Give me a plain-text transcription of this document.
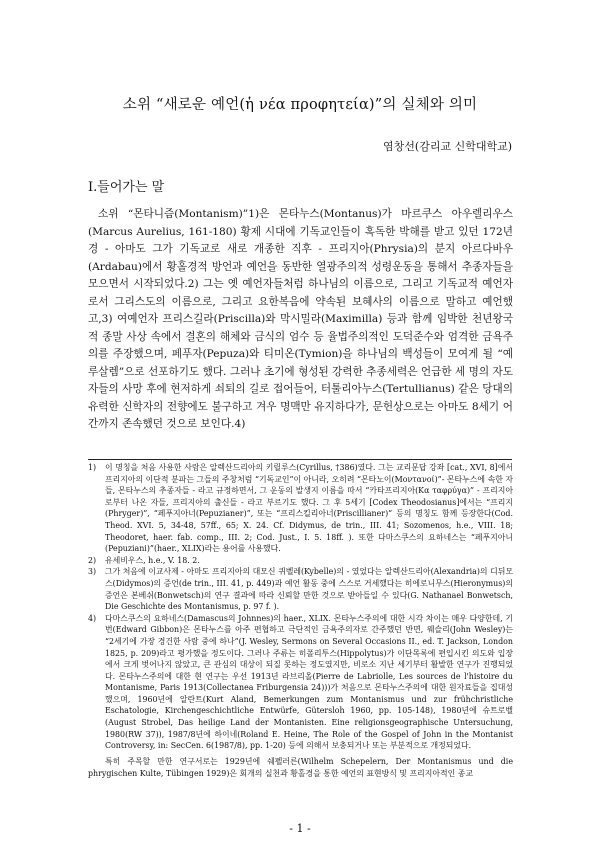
소위 “새로운 예언(ἡ νέα προφητεία)”의 실체와 의미

염창선(감리교 신학대학교)

Ⅰ.들어가는 말

소위 “몬타니즘(Montanism)”1)은 몬타누스(Montanus)가 마르쿠스 아우렐리우스(Marcus Aurelius, 161-180) 황제 시대에 기독교인들이 혹독한 박해를 받고 있던 172년경 - 아마도 그가 기독교로 새로 개종한 직후 - 프리지아(Phrysia)의 분지 아르다바우(Ardabau)에서 황홀경적 방언과 예언을 동반한 열광주의적 성령운동을 통해서 추종자들을 모으면서 시작되었다.2) 그는 옛 예언자들처럼 하나님의 이름으로, 그리고 기독교적 예언자로서 그리스도의 이름으로, 그리고 요한복음에 약속된 보혜사의 이름으로 말하고 예언했고,3) 여예언자 프리스길라(Priscilla)와 막시밀라(Maximilla) 등과 함께 임박한 천년왕국적 종말 사상 속에서 결혼의 해체와 금식의 엄수 등 율법주의적인 도덕준수와 엄격한 금욕주의를 주장했으며, 페푸자(Pepuza)와 티미온(Tymion)을 하나님의 백성들이 모여게 될 “예루살렘”으로 선포하기도 했다. 그러나 초기에 형성된 강력한 추종세력은 언급한 세 명의 자도자들의 사망 후에 현저하게 쇠퇴의 길로 접어들어, 터툴리아누스(Tertullianus) 같은 당대의 유력한 신학자의 전향에도 불구하고 겨우 명맥만 유지하다가, 문헌상으로는 아마도 8세기 어간까지 존속했던 것으로 보인다.4)

1) 이 명칭을 처음 사용한 사람은 알렉산드리아의 키릴루스(Cyrillus, †386)였다. 그는 교리문답 강좌 [cat., XVI, 8]에서 프리지아의 이단적 분파는 그들의 주창처럼 “기독교인”이 아니라, 오히려 “몬타노이(Μοντανοί)”- 몬타누스에 속한 자들, 몬타누스의 추종자들 - 라고 규정하면서, 그 운동의 발생지 이름을 따서 “카타프리지아(Κα ταφρύγα)” - 프리지아로부터 나온 자들, 프리지아의 출신들 - 라고 부르기도 했다. 그 후 5세기 [Codex Theodosianus]에서는 “프리지(Phryger)”, “페푸지아너(Pepuzianer)”, 또는 “프리스킬리아너(Priscillianer)” 등의 명칭도 함께 등장한다(Cod. Theod. XVI. 5, 34-48, 57ff., 65; X. 24. Cf. Didymus, de trin., III. 41; Sozomenos, h.e., VIII. 18; Theodoret, haer. fab. comp., III. 2; Cod. Just., I. 5. 18ff. ). 또한 다마스쿠스의 요하네스는 “페푸지아니(Pepuziani)”(haer., XLIX)라는 용어를 사용했다.
2) 유세비우스, h.e., V. 18. 2.
3) 그가 처음에 이교사제 - 아마도 프리지아의 대모신 퀴벨레(Kybelle)의 - 였었다는 알렉산드리아(Alexandria)의 디뒤모스(Didymos)의 증언(de trin., III. 41, p. 449)과 예언 활동 중에 스스로 거세했다는 히에로니무스(Hieronymus)의 증언은 본베쉬(Bonwetsch)의 연구 결과에 따라 신뢰할 만한 것으로 받아들일 수 있다(G. Nathanael Bonwetsch, Die Geschichte des Montanismus, p. 97 f. ).
4) 다마스쿠스의 요하네스(Damascus의 Johnnes)의 haer., XLIX. 몬타누스주의에 대한 시각 차이는 매우 다양한데, 기번(Edward Gibbon)은 몬타누스를 아주 편협하고 극단적인 금욕주의자로 간주했던 반면, 웨슬리(John Wesley)는 “2세기에 가장 경건한 사람 중에 하나”(J. Wesley, Sermons on Several Occasions II., ed. T. Jackson, London 1825, p. 209)라고 평가했을 정도이다. 그러나 주류는 히폴리투스(Hippolytus)가 이단목록에 편입시킨 의도와 입장에서 크게 벗어나지 않았고, 큰 관심의 대상이 되질 못하는 정도였지만, 비로소 지난 세기부터 활발한 연구가 진행되었다. 몬타누스주의에 대한 현 연구는 우선 1913년 라브리올(Pierre de Labriolle, Les sources de l'histoire du Montanisme, Paris 1913(Collectanea Friburgensia 24)))가 처음으로 몬타누스주의에 대한 원자료들을 집대성했으며, 1960년에 알란트(Kurt Aland, Bemerkungen zum Montanismus und zur frühchristliche Eschatologie, Kirchengeschichtliche Entwürfe, Gütersloh 1960, pp. 105-148), 1980년에 슈트로벨(August Strobel, Das heilige Land der Montanisten. Eine religionsgeographische Untersuchung, 1980(RW 37)), 1987/8년에 하이네(Roland E. Heine, The Role of the Gospel of John in the Montanist Controversy, in: SecCen. 6(1987/8), pp. 1-20) 등에 의해서 보충되거나 또는 부분적으로 개정되었다.

특히 주목할 만한 연구서로는 1929년에 쉐펠러른(Wilhelm Schepelern, Der Montanismus und die phrygischen Kulte, Tübingen 1929)은 회개의 실천과 황홀경을 통한 예언의 표현방식 및 프리지아적인 종교

- 1 -
